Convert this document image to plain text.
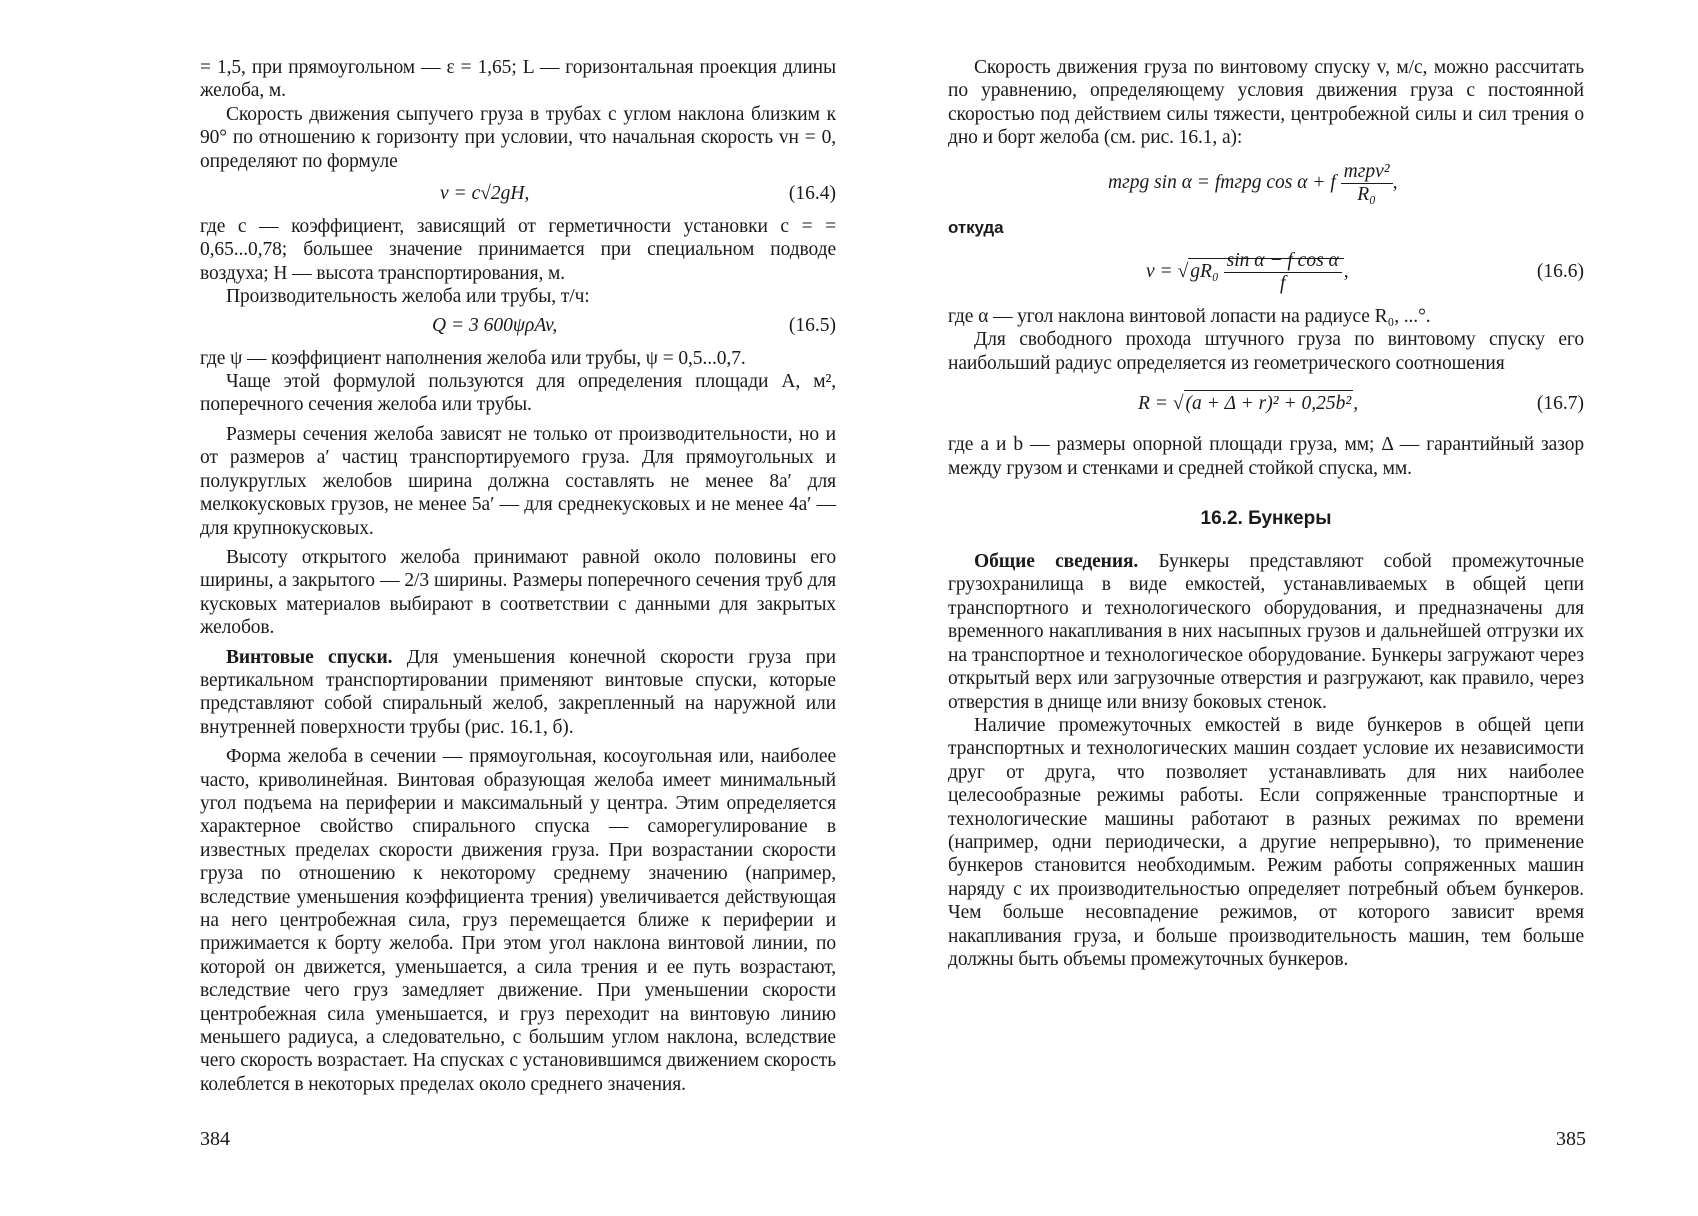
= 1,5, при прямоугольном — ε = 1,65; L — горизонтальная проекция длины желоба, м.

Скорость движения сыпучего груза в трубах с углом наклона близким к 90° по отношению к горизонту при условии, что начальная скорость vн = 0, определяют по формуле

v = c√2gH,	(16.4)

где c — коэффициент, зависящий от герметичности установки c = = 0,65...0,78; большее значение принимается при специальном подводе воздуха; H — высота транспортирования, м.

Производительность желоба или трубы, т/ч:

Q = 3 600ψρAv,	(16.5)

где ψ — коэффициент наполнения желоба или трубы, ψ = 0,5...0,7.

Чаще этой формулой пользуются для определения площади A, м², поперечного сечения желоба или трубы.

Размеры сечения желоба зависят не только от производительности, но и от размеров a′ частиц транспортируемого груза. Для прямоугольных и полукруглых желобов ширина должна составлять не менее 8a′ для мелкокусковых грузов, не менее 5a′ — для среднекусковых и не менее 4a′ — для крупнокусковых.

Высоту открытого желоба принимают равной около половины его ширины, а закрытого — 2/3 ширины. Размеры поперечного сечения труб для кусковых материалов выбирают в соответствии с данными для закрытых желобов.

Винтовые спуски. Для уменьшения конечной скорости груза при вертикальном транспортировании применяют винтовые спуски, которые представляют собой спиральный желоб, закрепленный на наружной или внутренней поверхности трубы (рис. 16.1, б).

Форма желоба в сечении — прямоугольная, косоугольная или, наиболее часто, криволинейная. Винтовая образующая желоба имеет минимальный угол подъема на периферии и максимальный у центра. Этим определяется характерное свойство спирального спуска — саморегулирование в известных пределах скорости движения груза. При возрастании скорости груза по отношению к некоторому среднему значению (например, вследствие уменьшения коэффициента трения) увеличивается действующая на него центробежная сила, груз перемещается ближе к периферии и прижимается к борту желоба. При этом угол наклона винтовой линии, по которой он движется, уменьшается, а сила трения и ее путь возрастают, вследствие чего груз замедляет движение. При уменьшении скорости центробежная сила уменьшается, и груз переходит на винтовую линию меньшего радиуса, а следовательно, с большим углом наклона, вследствие чего скорость возрастает. На спусках с установившимся движением скорость колеблется в некоторых пределах около среднего значения.

384

Скорость движения груза по винтовому спуску v, м/с, можно рассчитать по уравнению, определяющему условия движения груза с постоянной скоростью под действием силы тяжести, центробежной силы и сил трения о дно и борт желоба (см. рис. 16.1, а):

mгрg sin α = fmгрg cos α + f $\frac{\text{mгрv²}}{\text{R₀}}$ ,

откуда

v = √ $gR_0 \frac{\text{sin α − f cos α}}{f}$ ,	(16.6)

где α — угол наклона винтовой лопасти на радиусе R₀, ...°.

Для свободного прохода штучного груза по винтовому спуску его наибольший радиус определяется из геометрического соотношения

R = √ (a + Δ + r)² + 0,25b² ,	(16.7)

где a и b — размеры опорной площади груза, мм; Δ — гарантийный зазор между грузом и стенками и средней стойкой спуска, мм.

16.2. Бункеры

Общие сведения. Бункеры представляют собой промежуточные грузохранилища в виде емкостей, устанавливаемых в общей цепи транспортного и технологического оборудования, и предназначены для временного накапливания в них насыпных грузов и дальнейшей отгрузки их на транспортное и технологическое оборудование. Бункеры загружают через открытый верх или загрузочные отверстия и разгружают, как правило, через отверстия в днище или внизу боковых стенок.

Наличие промежуточных емкостей в виде бункеров в общей цепи транспортных и технологических машин создает условие их независимости друг от друга, что позволяет устанавливать для них наиболее целесообразные режимы работы. Если сопряженные транспортные и технологические машины работают в разных режимах по времени (например, одни периодически, а другие непрерывно), то применение бункеров становится необходимым. Режим работы сопряженных машин наряду с их производительностью определяет потребный объем бункеров. Чем больше несовпадение режимов, от которого зависит время накапливания груза, и больше производительность машин, тем больше должны быть объемы промежуточных бункеров.

385
